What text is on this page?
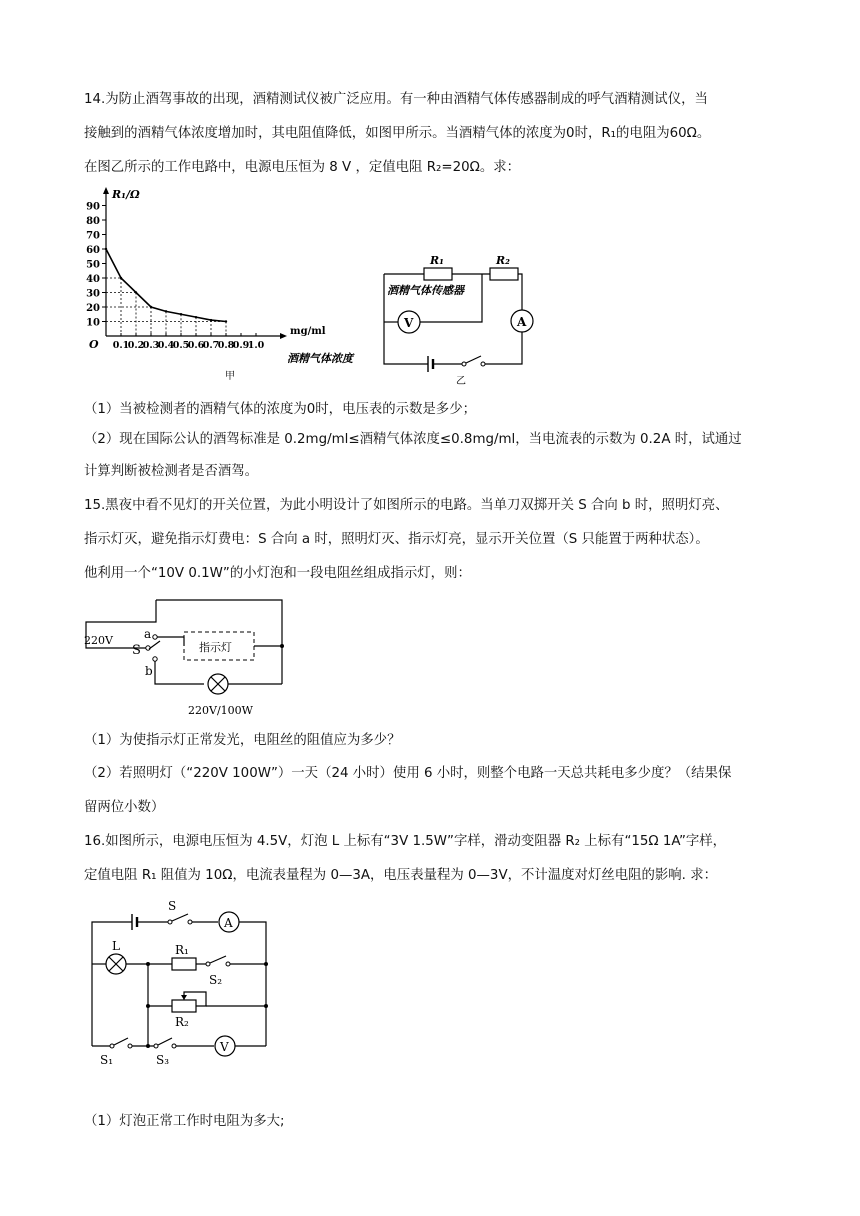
14.为防止酒驾事故的出现，酒精测试仪被广泛应用。有一种由酒精气体传感器制成的呼气酒精测试仪，当

接触到的酒精气体浓度增加时，其电阻值降低，如图甲所示。当酒精气体的浓度为0时，R₁的电阻为60Ω。

在图乙所示的工作电路中，电源电压恒为 8 V ，定值电阻 R₂=20Ω。求：

10
20
30
40
50
60
70
80
90
0.1
0.2
0.3
0.4
0.5
0.6
0.7
0.8
0.9
1.0
R₁/Ω
O
mg/ml
酒精气体浓度
甲
A
V
R₁	R₂
酒精气体传感器
乙

（1）当被检测者的酒精气体的浓度为0时，电压表的示数是多少；

（2）现在国际公认的酒驾标准是 0.2mg/ml≤酒精气体浓度≤0.8mg/ml，当电流表的示数为 0.2A 时，试通过

计算判断被检测者是否酒驾。

15.黑夜中看不见灯的开关位置，为此小明设计了如图所示的电路。当单刀双掷开关 S 合向 b 时，照明灯亮、

指示灯灭，避免指示灯费电：S 合向 a 时，照明灯灭、指示灯亮，显示开关位置（S 只能置于两种状态）。

他利用一个“10V 0.1W”的小灯泡和一段电阻丝组成指示灯，则：

指示灯
220V	a
S
b
220V/100W

（1）为使指示灯正常发光，电阻丝的阻值应为多少？

（2）若照明灯（“220V 100W”）一天（24 小时）使用 6 小时，则整个电路一天总共耗电多少度？（结果保

留两位小数）

16.如图所示，电源电压恒为 4.5V，灯泡 L 上标有“3V 1.5W”字样，滑动变阻器 R₂ 上标有“15Ω 1A”字样，

定值电阻 R₁ 阻值为 10Ω，电流表量程为 0—3A，电压表量程为 0—3V，不计温度对灯丝电阻的影响. 求：

A
V
S
L	R₁
S₂
R₂
S₁	S₃

（1）灯泡正常工作时电阻为多大;
